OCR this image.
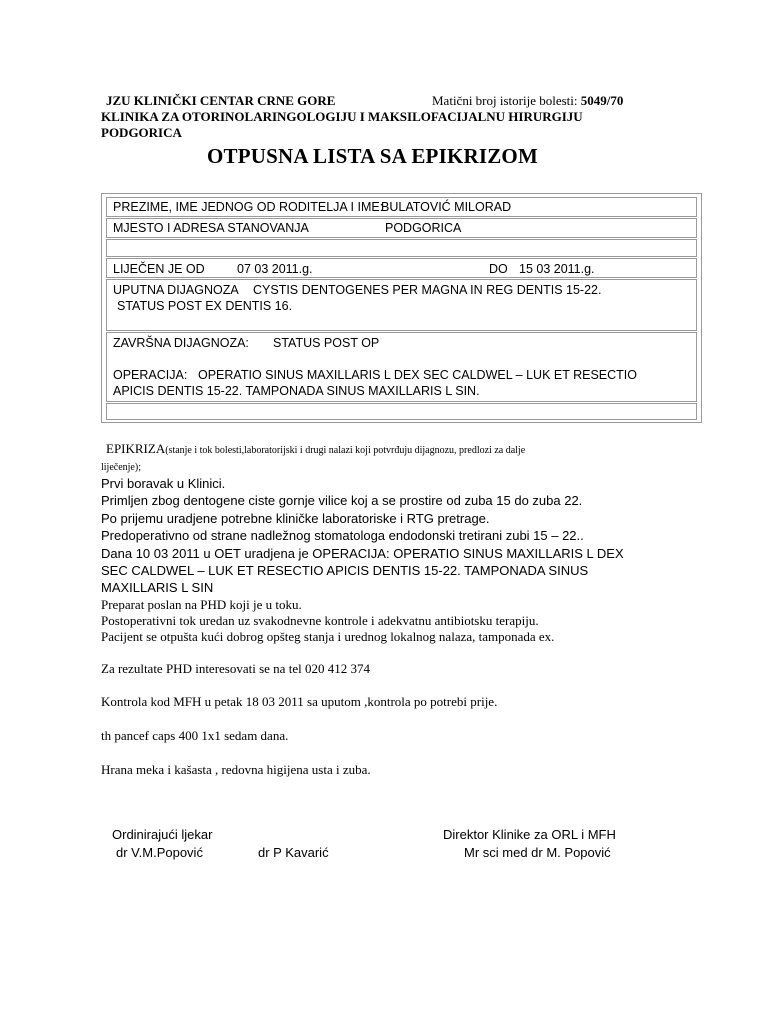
JZU KLINIČKI CENTAR CRNE GORE	Matični broj istorije bolesti: 5049/70
KLINIKA ZA OTORINOLARINGOLOGIJU I MAKSILOFACIJALNU HIRURGIJU
PODGORICA
OTPUSNA LISTA SA EPIKRIZOM
PREZIME, IME JEDNOG OD RODITELJA I IME:
BULATOVIĆ MILORAD
MJESTO I ADRESA STANOVANJA	PODGORICA
LIJEČEN JE OD	07 03 2011.g.	DO 15 03 2011.g.
UPUTNA DIJAGNOZA CYSTIS DENTOGENES PER MAGNA IN REG DENTIS 15-22.
STATUS POST EX DENTIS 16.
ZAVRŠNA DIJAGNOZA: STATUS POST OP
OPERACIJA: OPERATIO SINUS MAXILLARIS L DEX SEC CALDWEL – LUK ET RESECTIO
APICIS DENTIS 15-22. TAMPONADA SINUS MAXILLARIS L SIN.
EPIKRIZA(stanje i tok bolesti,laboratorijski i drugi nalazi koji potvrđuju dijagnozu, predlozi za dalje
liječenje);
Prvi boravak u Klinici.
Primljen zbog dentogene ciste gornje vilice koj a se prostire od zuba 15 do zuba 22.
Po prijemu uradjene potrebne kliničke laboratoriske i RTG pretrage.
Predoperativno od strane nadležnog stomatologa endodonski tretirani zubi 15 – 22..
Dana 10 03 2011 u OET uradjena je OPERACIJA: OPERATIO SINUS MAXILLARIS L DEX
SEC CALDWEL – LUK ET RESECTIO APICIS DENTIS 15-22. TAMPONADA SINUS
MAXILLARIS L SIN
Preparat poslan na PHD koji je u toku.
Postoperativni tok uredan uz svakodnevne kontrole i adekvatnu antibiotsku terapiju.
Pacijent se otpušta kući dobrog opšteg stanja i urednog lokalnog nalaza, tamponada ex.
Za rezultate PHD interesovati se na tel 020 412 374
Kontrola kod MFH u petak 18 03 2011 sa uputom ,kontrola po potrebi prije.
th pancef caps 400 1x1 sedam dana.
Hrana meka i kašasta , redovna higijena usta i zuba.
Ordinirajući ljekar
dr V.M.Popović	dr P Kavarić
Direktor Klinike za ORL i MFH
Mr sci med dr M. Popović
